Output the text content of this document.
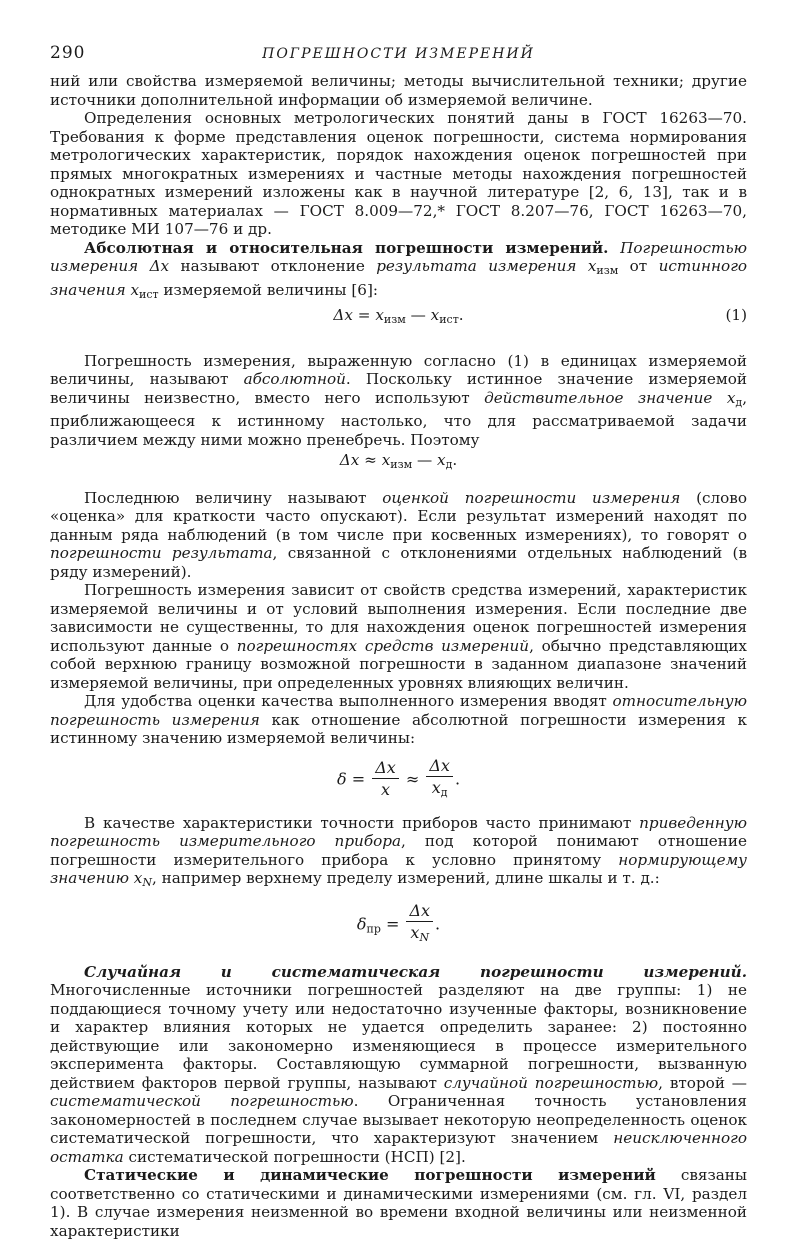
290	ПОГРЕШНОСТИ ИЗМЕРЕНИЙ

ний или свойства измеряемой величины; методы вычислительной техники; другие источники дополнительной информации об измеряемой величине.

Определения основных метрологических понятий даны в ГОСТ 16263—70. Требования к форме представления оценок погрешности, система нормирования метрологических характеристик, порядок нахождения оценок погрешностей при прямых многократных измерениях и частные методы нахождения погрешностей однократных измерений изложены как в научной литературе [2, 6, 13], так и в нормативных материалах — ГОСТ 8.009—72,* ГОСТ 8.207—76, ГОСТ 16263—70, методике МИ 107—76 и др.

Абсолютная и относительная погрешности измерений. Погрешностью измерения Δx называют отклонение результата измерения $x_{изм}$ от истинного значения $x_{ист}$ измеряемой величины [6]:

$\Delta x = x_{изм}$ — $x_{ист}$.	(1)

Погрешность измерения, выраженную согласно (1) в единицах измеряемой величины, называют абсолютной. Поскольку истинное значение измеряемой величины неизвестно, вместо него используют действительное значение $x_д$, приближающееся к истинному настолько, что для рассматриваемой задачи различием между ними можно пренебречь. Поэтому

$\Delta x \approx x_{изм}$ — $x_д$.

Последнюю величину называют оценкой погрешности измерения (слово «оценка» для краткости часто опускают). Если результат измерений находят по данным ряда наблюдений (в том числе при косвенных измерениях), то говорят о погрешности результата, связанной с отклонениями отдельных наблюдений (в ряду измерений).

Погрешность измерения зависит от свойств средства измерений, характеристик измеряемой величины и от условий выполнения измерения. Если последние две зависимости не существенны, то для нахождения оценок погрешностей измерения используют данные о погрешностях средств измерений, обычно представляющих собой верхнюю границу возможной погрешности в заданном диапазоне значений измеряемой величины, при определенных уровнях влияющих величин.

Для удобства оценки качества выполненного измерения вводят относительную погрешность измерения как отношение абсолютной погрешности измерения к истинному значению измеряемой величины:

$\delta = \frac{\Delta x}{x} \approx \frac{\Delta x}{x_д}$ .

В качестве характеристики точности приборов часто принимают приведенную погрешность измерительного прибора, под которой понимают отношение погрешности измерительного прибора к условно принятому нормирующему значению $x_N$, например верхнему пределу измерений, длине шкалы и т. д.:

$\delta_{пр} = \frac{\Delta x}{x_N}$ .

Случайная и систематическая погрешности измерений. Многочисленные источники погрешностей разделяют на две группы: 1) не поддающиеся точному учету или недостаточно изученные факторы, возникновение и характер влияния которых не удается определить заранее: 2) постоянно действующие или закономерно изменяющиеся в процессе измерительного эксперимента факторы. Составляющую суммарной погрешности, вызванную действием факторов первой группы, называют случайной погрешностью, второй — систематической погрешностью. Ограниченная точность установления закономерностей в последнем случае вызывает некоторую неопределенность оценок систематической погрешности, что характеризуют значением неисключенного остатка систематической погрешности (НСП) [2].

Статические и динамические погрешности измерений связаны соответственно со статическими и динамическими измерениями (см. гл. VI, раздел 1). В случае измерения неизменной во времени входной величины или неизменной характеристики
